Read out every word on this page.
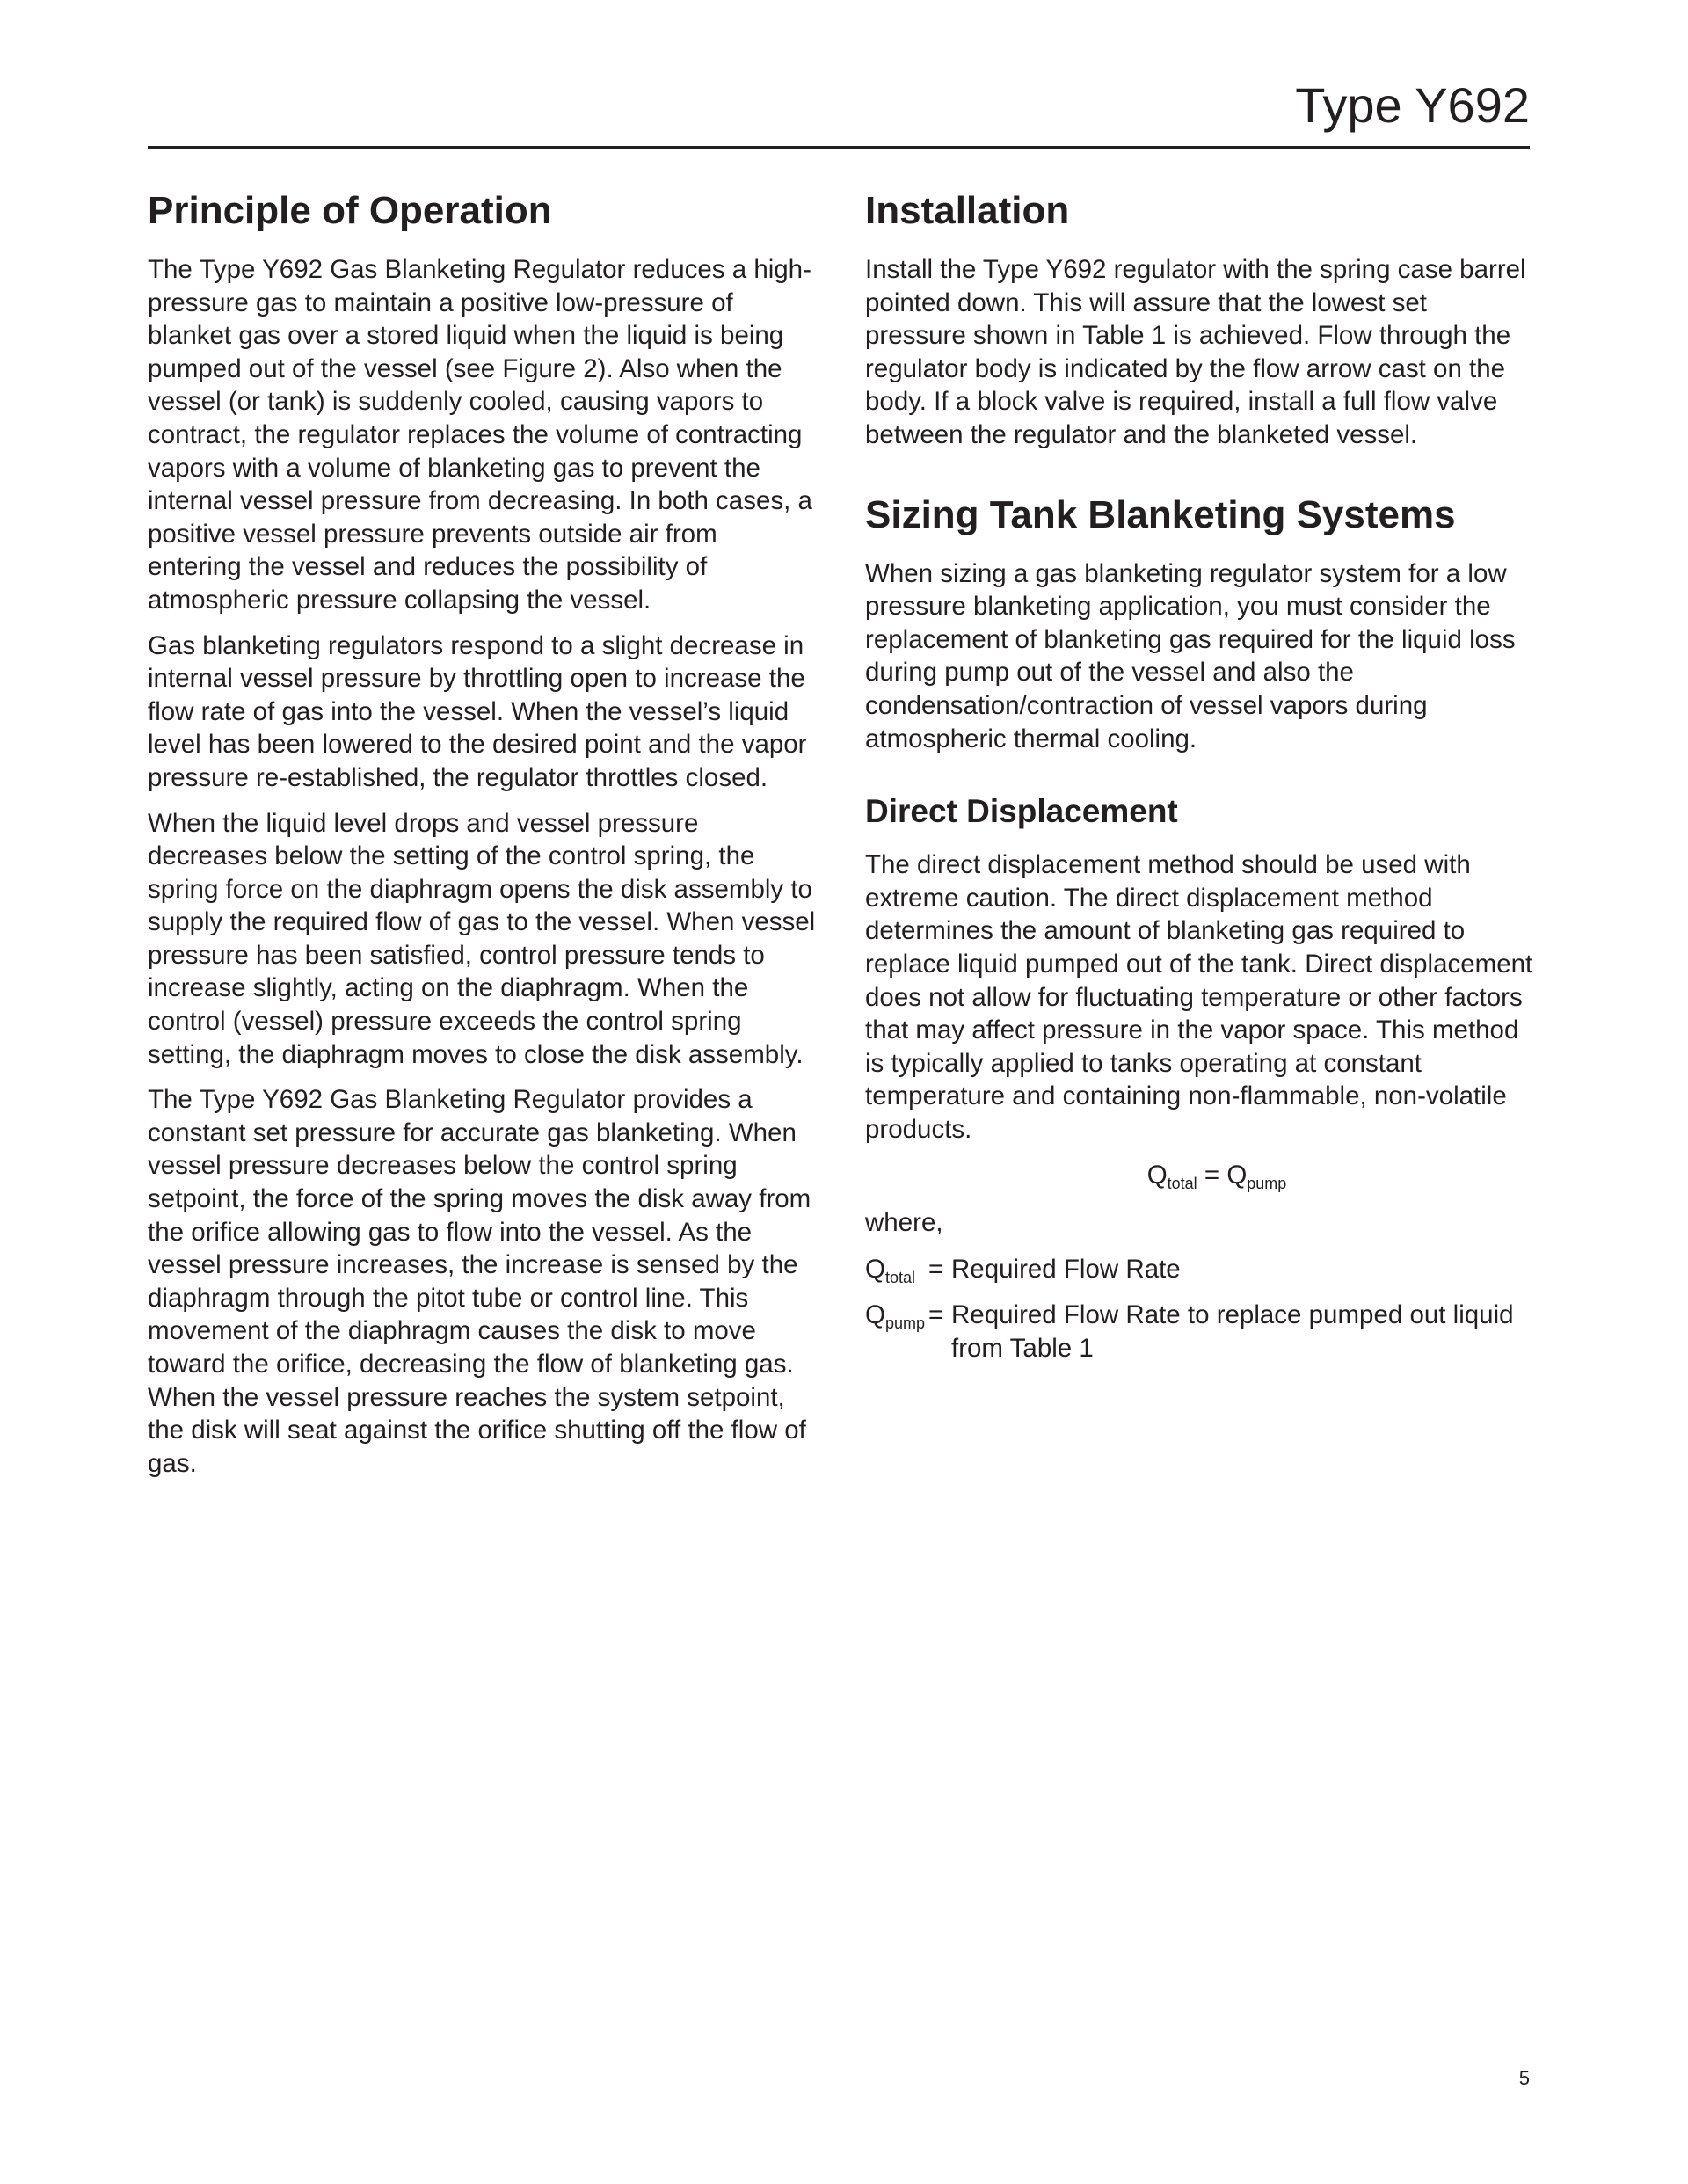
Type Y692
Principle of Operation

The Type Y692 Gas Blanketing Regulator reduces a high-pressure gas to maintain a positive low-pressure of blanket gas over a stored liquid when the liquid is being pumped out of the vessel (see Figure 2). Also when the vessel (or tank) is suddenly cooled, causing vapors to contract, the regulator replaces the volume of contracting vapors with a volume of blanketing gas to prevent the internal vessel pressure from decreasing. In both cases, a positive vessel pressure prevents outside air from entering the vessel and reduces the possibility of atmospheric pressure collapsing the vessel.

Gas blanketing regulators respond to a slight decrease in internal vessel pressure by throttling open to increase the flow rate of gas into the vessel. When the vessel’s liquid level has been lowered to the desired point and the vapor pressure re-established, the regulator throttles closed.

When the liquid level drops and vessel pressure decreases below the setting of the control spring, the spring force on the diaphragm opens the disk assembly to supply the required flow of gas to the vessel. When vessel pressure has been satisfied, control pressure tends to increase slightly, acting on the diaphragm. When the control (vessel) pressure exceeds the control spring setting, the diaphragm moves to close the disk assembly.

The Type Y692 Gas Blanketing Regulator provides a constant set pressure for accurate gas blanketing. When vessel pressure decreases below the control spring setpoint, the force of the spring moves the disk away from the orifice allowing gas to flow into the vessel. As the vessel pressure increases, the increase is sensed by the diaphragm through the pitot tube or control line. This movement of the diaphragm causes the disk to move toward the orifice, decreasing the flow of blanketing gas. When the vessel pressure reaches the system setpoint, the disk will seat against the orifice shutting off the flow of gas.

Installation

Install the Type Y692 regulator with the spring case barrel pointed down. This will assure that the lowest set pressure shown in Table 1 is achieved. Flow through the regulator body is indicated by the flow arrow cast on the body. If a block valve is required, install a full flow valve between the regulator and the blanketed vessel.

Sizing Tank Blanketing Systems

When sizing a gas blanketing regulator system for a low pressure blanketing application, you must consider the replacement of blanketing gas required for the liquid loss during pump out of the vessel and also the condensation/contraction of vessel vapors during atmospheric thermal cooling.

Direct Displacement

The direct displacement method should be used with extreme caution. The direct displacement method determines the amount of blanketing gas required to replace liquid pumped out of the tank. Direct displacement does not allow for fluctuating temperature or other factors that may affect pressure in the vapor space. This method is typically applied to tanks operating at constant temperature and containing non-flammable, non-volatile products.

$Q_{total} = Q_{pump}$
where,
$Q_{total}$ = Required Flow Rate
$Q_{pump}$ = Required Flow Rate to replace pumped out liquid from Table 1
5
